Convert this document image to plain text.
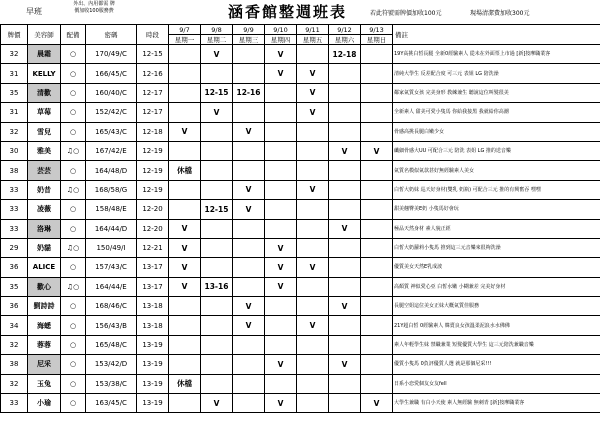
早班
外出、內用都需 牌
價加收100服務費	涵香館整週班表	若此符號需牌價加收100元	現場清潔費加收300元
牌價	美容師	配備	密碼	時段	9/7	9/8	9/9	9/10	9/11	9/12	9/13	備註
					星期一	星期二	星期三	星期四	星期五	星期六	星期日	
32	晨霜	○	170/49/C	12-15		V		V		12-18		19Y高挑白皙長腿 全新0經驗素人 從未在外面票上市過 [新]按摩職業客
31	KELLY	○	166/45/C	12-16				V	V			清純大學生 反差配合度 可三元 表姐 LG 陪洗澡
35	清歡	○	160/40/C	12-17		12-15	12-16		V			鄰家氣質女孩 完美身形 教練兼生 聽說這位叫髮很美
31	草莓	○	152/42/C	12-17		V			V			全新素人 甜美可愛小隻馬 你給我接黑 我就給你高潮
32	雪兒	○	165/43/C	12-18	V		V					骨感高挑長腿白嫩少女
30	雅美	♫○	167/42/E	12-19						V	V	纖細骨感大UU 可配合三元 陪洗 表姐 LG 推的送音樂
38	芸芸	○	164/48/D	12-19	休檔							氣質名模似氣款甚好無經驗素人美女
33	奶昔	♫○	168/58/G	12-19			V		V			白皙大奶妹 巡天好身材(雙乳 奶瓶) 可配合三元 推的有興奮吞 嘿嘿
33	凌薇	○	158/48/E	12-20		12-15	V					甜美翹臀美E奶 小隻馬好會玩
33	洛琳	○	164/44/D	12-20	V					V		極品天然身材 素人貌正經
29	奶貓	♫○	150/49/I	12-21	V			V				白皙大奶蘿莉小隻馬 推到這三元音樂來很夠洗澡
36	ALICE	○	157/43/C	13-17	V			V	V			優質美女天然E乳成波
35	歡心	♫○	164/44/E	13-17	V	13-16		V				高顏質 神似愛心亞 白皙水嫩 小糊兼差 完美好身材
36	劉詩詩	○	168/46/C	13-18			V			V		長腿空姐這位美女正妹大概氣質佳服務
34	海蟋	○	156/43/B	13-18			V		V			21Y超白皙 0經驗素人 韓賣良女孩溫柔泥浪水水佛佛
32	蓉蓉	○	165/48/C	13-19								素人年輕學生妹 禁職兼業 短髮優質大學生 這三元陪洗兼職音樂
38	尼采	○	153/42/D	13-19				V		V		優質小隻馬 0負評優質人選 就是那個尼采!!!
32	玉兔	○	153/38/C	13-19	休檔							日系小恋愛個友女友fell
33	小瑜	○	163/45/C	13-19		V		V			V	大學生兼職 有白小天使 素人無經驗 無刺青 [新]按摩職業客
